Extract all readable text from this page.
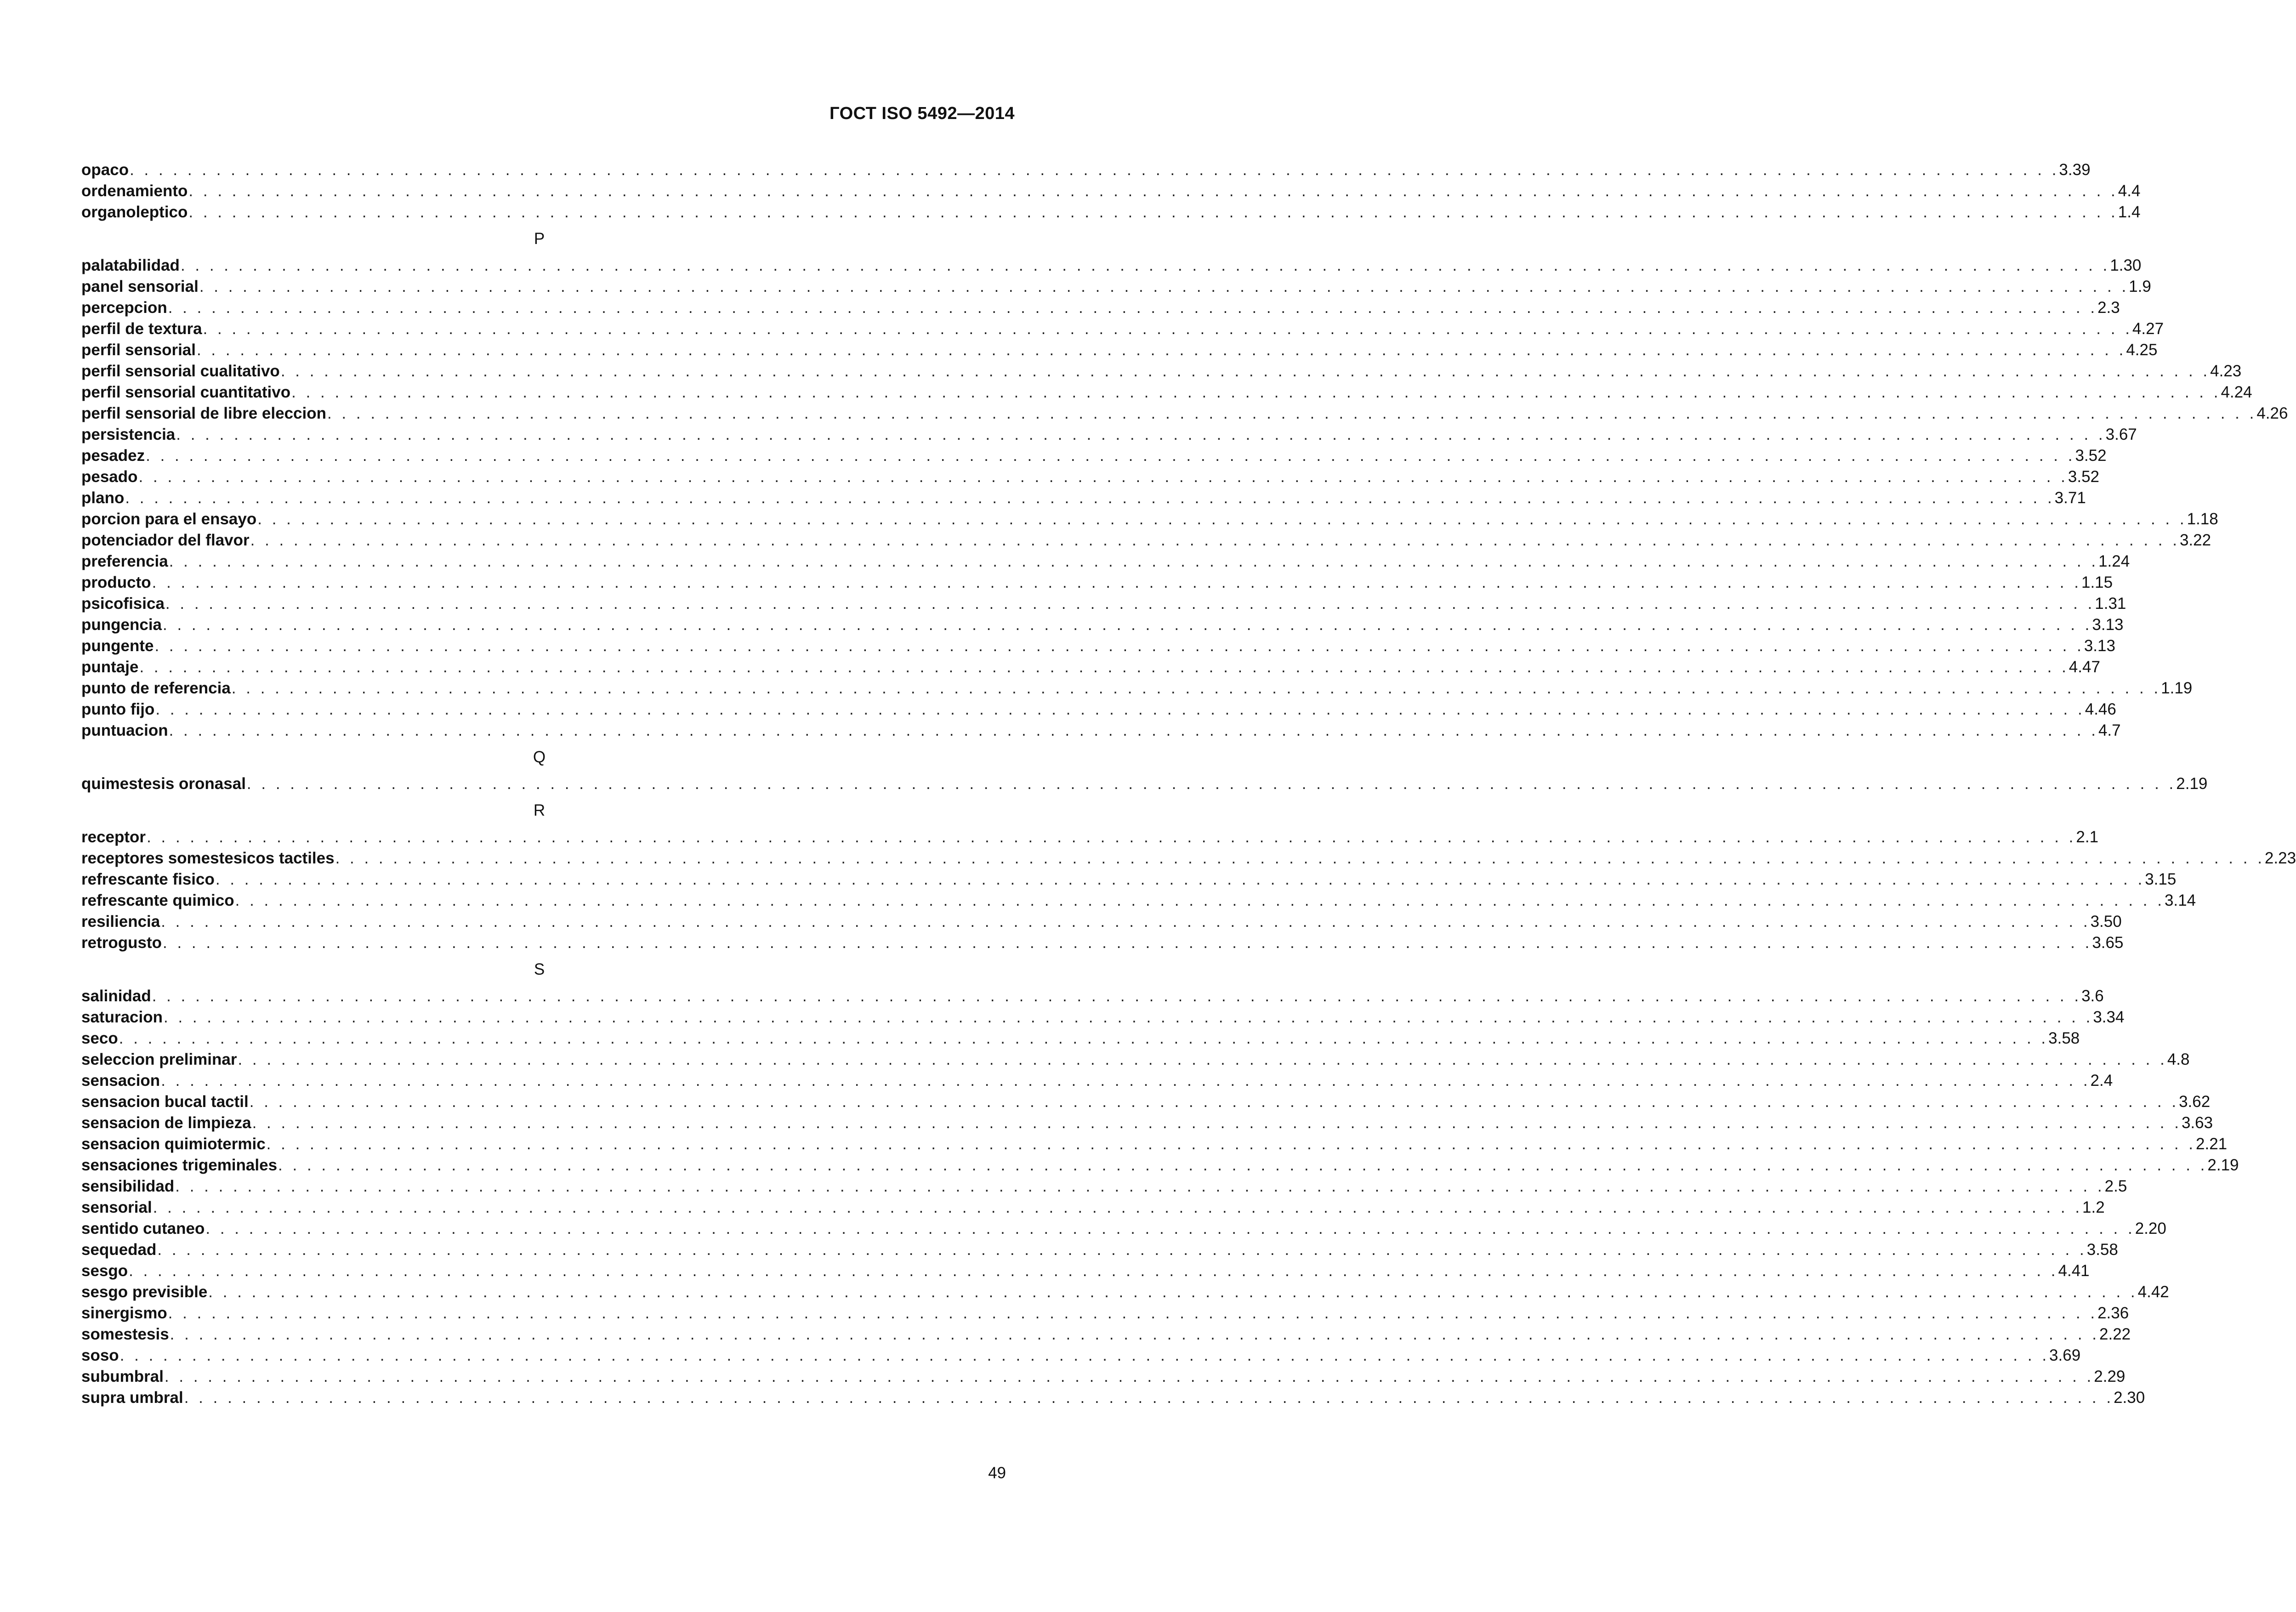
ГОСТ ISO 5492—2014
opaco . . . . . . . . . . . . . . . . . . . . . . . . . . . . . . . . . . . . . . . . . . . . . . . . . . . . . . . . . . . . . . . . . . . . . . . . . . . . . . . . . . . . . . . . . . . . . . . . . . . . . . . . . . . . . . . . . . . . . . . . . . . . . . . . . . . . . . 3.39
ordenamiento . . . . . . . . . . . . . . . . . . . . . . . . . . . . . . . . . . . . . . . . . . . . . . . . . . . . . . . . . . . . . . . . . . . . . . . . . . . . . . . . . . . . . . . . . . . . . . . . . . . . . . . . . . . . . . . . . . . . . . . . . . . . . . . . . . . . . . 4.4
organoleptico . . . . . . . . . . . . . . . . . . . . . . . . . . . . . . . . . . . . . . . . . . . . . . . . . . . . . . . . . . . . . . . . . . . . . . . . . . . . . . . . . . . . . . . . . . . . . . . . . . . . . . . . . . . . . . . . . . . . . . . . . . . . . . . . . . . . . . 1.4
P
palatabilidad . . . . . . . . . . . . . . . . . . . . . . . . . . . . . . . . . . . . . . . . . . . . . . . . . . . . . . . . . . . . . . . . . . . . . . . . . . . . . . . . . . . . . . . . . . . . . . . . . . . . . . . . . . . . . . . . . . . . . . . . . . . . . . . . . . . . . . 1.30
panel sensorial . . . . . . . . . . . . . . . . . . . . . . . . . . . . . . . . . . . . . . . . . . . . . . . . . . . . . . . . . . . . . . . . . . . . . . . . . . . . . . . . . . . . . . . . . . . . . . . . . . . . . . . . . . . . . . . . . . . . . . . . . . . . . . . . . . . . . . 1.9
percepcion . . . . . . . . . . . . . . . . . . . . . . . . . . . . . . . . . . . . . . . . . . . . . . . . . . . . . . . . . . . . . . . . . . . . . . . . . . . . . . . . . . . . . . . . . . . . . . . . . . . . . . . . . . . . . . . . . . . . . . . . . . . . . . . . . . . . . . 2.3
perfil de textura . . . . . . . . . . . . . . . . . . . . . . . . . . . . . . . . . . . . . . . . . . . . . . . . . . . . . . . . . . . . . . . . . . . . . . . . . . . . . . . . . . . . . . . . . . . . . . . . . . . . . . . . . . . . . . . . . . . . . . . . . . . . . . . . . . . . . . 4.27
perfil sensorial . . . . . . . . . . . . . . . . . . . . . . . . . . . . . . . . . . . . . . . . . . . . . . . . . . . . . . . . . . . . . . . . . . . . . . . . . . . . . . . . . . . . . . . . . . . . . . . . . . . . . . . . . . . . . . . . . . . . . . . . . . . . . . . . . . . . . . 4.25
perfil sensorial cualitativo . . . . . . . . . . . . . . . . . . . . . . . . . . . . . . . . . . . . . . . . . . . . . . . . . . . . . . . . . . . . . . . . . . . . . . . . . . . . . . . . . . . . . . . . . . . . . . . . . . . . . . . . . . . . . . . . . . . . . . . . . . . . . . . . . . . . . . 4.23
perfil sensorial cuantitativo . . . . . . . . . . . . . . . . . . . . . . . . . . . . . . . . . . . . . . . . . . . . . . . . . . . . . . . . . . . . . . . . . . . . . . . . . . . . . . . . . . . . . . . . . . . . . . . . . . . . . . . . . . . . . . . . . . . . . . . . . . . . . . . . . . . . . . 4.24
perfil sensorial de libre eleccion . . . . . . . . . . . . . . . . . . . . . . . . . . . . . . . . . . . . . . . . . . . . . . . . . . . . . . . . . . . . . . . . . . . . . . . . . . . . . . . . . . . . . . . . . . . . . . . . . . . . . . . . . . . . . . . . . . . . . . . . . . . . . . . . . . . . . . 4.26
persistencia . . . . . . . . . . . . . . . . . . . . . . . . . . . . . . . . . . . . . . . . . . . . . . . . . . . . . . . . . . . . . . . . . . . . . . . . . . . . . . . . . . . . . . . . . . . . . . . . . . . . . . . . . . . . . . . . . . . . . . . . . . . . . . . . . . . . . . 3.67
pesadez . . . . . . . . . . . . . . . . . . . . . . . . . . . . . . . . . . . . . . . . . . . . . . . . . . . . . . . . . . . . . . . . . . . . . . . . . . . . . . . . . . . . . . . . . . . . . . . . . . . . . . . . . . . . . . . . . . . . . . . . . . . . . . . . . . . . . . 3.52
pesado . . . . . . . . . . . . . . . . . . . . . . . . . . . . . . . . . . . . . . . . . . . . . . . . . . . . . . . . . . . . . . . . . . . . . . . . . . . . . . . . . . . . . . . . . . . . . . . . . . . . . . . . . . . . . . . . . . . . . . . . . . . . . . . . . . . . . . 3.52
plano . . . . . . . . . . . . . . . . . . . . . . . . . . . . . . . . . . . . . . . . . . . . . . . . . . . . . . . . . . . . . . . . . . . . . . . . . . . . . . . . . . . . . . . . . . . . . . . . . . . . . . . . . . . . . . . . . . . . . . . . . . . . . . . . . . . . . . 3.71
porcion para el ensayo . . . . . . . . . . . . . . . . . . . . . . . . . . . . . . . . . . . . . . . . . . . . . . . . . . . . . . . . . . . . . . . . . . . . . . . . . . . . . . . . . . . . . . . . . . . . . . . . . . . . . . . . . . . . . . . . . . . . . . . . . . . . . . . . . . . . . . 1.18
potenciador del flavor . . . . . . . . . . . . . . . . . . . . . . . . . . . . . . . . . . . . . . . . . . . . . . . . . . . . . . . . . . . . . . . . . . . . . . . . . . . . . . . . . . . . . . . . . . . . . . . . . . . . . . . . . . . . . . . . . . . . . . . . . . . . . . . . . . . . . . 3.22
preferencia . . . . . . . . . . . . . . . . . . . . . . . . . . . . . . . . . . . . . . . . . . . . . . . . . . . . . . . . . . . . . . . . . . . . . . . . . . . . . . . . . . . . . . . . . . . . . . . . . . . . . . . . . . . . . . . . . . . . . . . . . . . . . . . . . . . . . . 1.24
producto . . . . . . . . . . . . . . . . . . . . . . . . . . . . . . . . . . . . . . . . . . . . . . . . . . . . . . . . . . . . . . . . . . . . . . . . . . . . . . . . . . . . . . . . . . . . . . . . . . . . . . . . . . . . . . . . . . . . . . . . . . . . . . . . . . . . . . 1.15
psicofisica . . . . . . . . . . . . . . . . . . . . . . . . . . . . . . . . . . . . . . . . . . . . . . . . . . . . . . . . . . . . . . . . . . . . . . . . . . . . . . . . . . . . . . . . . . . . . . . . . . . . . . . . . . . . . . . . . . . . . . . . . . . . . . . . . . . . . . 1.31
pungencia . . . . . . . . . . . . . . . . . . . . . . . . . . . . . . . . . . . . . . . . . . . . . . . . . . . . . . . . . . . . . . . . . . . . . . . . . . . . . . . . . . . . . . . . . . . . . . . . . . . . . . . . . . . . . . . . . . . . . . . . . . . . . . . . . . . . . . 3.13
pungente . . . . . . . . . . . . . . . . . . . . . . . . . . . . . . . . . . . . . . . . . . . . . . . . . . . . . . . . . . . . . . . . . . . . . . . . . . . . . . . . . . . . . . . . . . . . . . . . . . . . . . . . . . . . . . . . . . . . . . . . . . . . . . . . . . . . . . 3.13
puntaje . . . . . . . . . . . . . . . . . . . . . . . . . . . . . . . . . . . . . . . . . . . . . . . . . . . . . . . . . . . . . . . . . . . . . . . . . . . . . . . . . . . . . . . . . . . . . . . . . . . . . . . . . . . . . . . . . . . . . . . . . . . . . . . . . . . . . . 4.47
punto de referencia . . . . . . . . . . . . . . . . . . . . . . . . . . . . . . . . . . . . . . . . . . . . . . . . . . . . . . . . . . . . . . . . . . . . . . . . . . . . . . . . . . . . . . . . . . . . . . . . . . . . . . . . . . . . . . . . . . . . . . . . . . . . . . . . . . . . . . 1.19
punto fijo . . . . . . . . . . . . . . . . . . . . . . . . . . . . . . . . . . . . . . . . . . . . . . . . . . . . . . . . . . . . . . . . . . . . . . . . . . . . . . . . . . . . . . . . . . . . . . . . . . . . . . . . . . . . . . . . . . . . . . . . . . . . . . . . . . . . . . 4.46
puntuacion . . . . . . . . . . . . . . . . . . . . . . . . . . . . . . . . . . . . . . . . . . . . . . . . . . . . . . . . . . . . . . . . . . . . . . . . . . . . . . . . . . . . . . . . . . . . . . . . . . . . . . . . . . . . . . . . . . . . . . . . . . . . . . . . . . . . . . 4.7
Q
quimestesis oronasal . . . . . . . . . . . . . . . . . . . . . . . . . . . . . . . . . . . . . . . . . . . . . . . . . . . . . . . . . . . . . . . . . . . . . . . . . . . . . . . . . . . . . . . . . . . . . . . . . . . . . . . . . . . . . . . . . . . . . . . . . . . . . . . . . . . . . . 2.19
R
receptor . . . . . . . . . . . . . . . . . . . . . . . . . . . . . . . . . . . . . . . . . . . . . . . . . . . . . . . . . . . . . . . . . . . . . . . . . . . . . . . . . . . . . . . . . . . . . . . . . . . . . . . . . . . . . . . . . . . . . . . . . . . . . . . . . . . . . . 2.1
receptores somestesicos tactiles . . . . . . . . . . . . . . . . . . . . . . . . . . . . . . . . . . . . . . . . . . . . . . . . . . . . . . . . . . . . . . . . . . . . . . . . . . . . . . . . . . . . . . . . . . . . . . . . . . . . . . . . . . . . . . . . . . . . . . . . . . . . . . . . . . . . . . 2.23
refrescante fisico . . . . . . . . . . . . . . . . . . . . . . . . . . . . . . . . . . . . . . . . . . . . . . . . . . . . . . . . . . . . . . . . . . . . . . . . . . . . . . . . . . . . . . . . . . . . . . . . . . . . . . . . . . . . . . . . . . . . . . . . . . . . . . . . . . . . . . 3.15
refrescante quimico . . . . . . . . . . . . . . . . . . . . . . . . . . . . . . . . . . . . . . . . . . . . . . . . . . . . . . . . . . . . . . . . . . . . . . . . . . . . . . . . . . . . . . . . . . . . . . . . . . . . . . . . . . . . . . . . . . . . . . . . . . . . . . . . . . . . . . 3.14
resiliencia . . . . . . . . . . . . . . . . . . . . . . . . . . . . . . . . . . . . . . . . . . . . . . . . . . . . . . . . . . . . . . . . . . . . . . . . . . . . . . . . . . . . . . . . . . . . . . . . . . . . . . . . . . . . . . . . . . . . . . . . . . . . . . . . . . . . . . 3.50
retrogusto . . . . . . . . . . . . . . . . . . . . . . . . . . . . . . . . . . . . . . . . . . . . . . . . . . . . . . . . . . . . . . . . . . . . . . . . . . . . . . . . . . . . . . . . . . . . . . . . . . . . . . . . . . . . . . . . . . . . . . . . . . . . . . . . . . . . . . 3.65
S
salinidad . . . . . . . . . . . . . . . . . . . . . . . . . . . . . . . . . . . . . . . . . . . . . . . . . . . . . . . . . . . . . . . . . . . . . . . . . . . . . . . . . . . . . . . . . . . . . . . . . . . . . . . . . . . . . . . . . . . . . . . . . . . . . . . . . . . . . . 3.6
saturacion . . . . . . . . . . . . . . . . . . . . . . . . . . . . . . . . . . . . . . . . . . . . . . . . . . . . . . . . . . . . . . . . . . . . . . . . . . . . . . . . . . . . . . . . . . . . . . . . . . . . . . . . . . . . . . . . . . . . . . . . . . . . . . . . . . . . . . 3.34
seco . . . . . . . . . . . . . . . . . . . . . . . . . . . . . . . . . . . . . . . . . . . . . . . . . . . . . . . . . . . . . . . . . . . . . . . . . . . . . . . . . . . . . . . . . . . . . . . . . . . . . . . . . . . . . . . . . . . . . . . . . . . . . . . . . . . . . . 3.58
seleccion preliminar . . . . . . . . . . . . . . . . . . . . . . . . . . . . . . . . . . . . . . . . . . . . . . . . . . . . . . . . . . . . . . . . . . . . . . . . . . . . . . . . . . . . . . . . . . . . . . . . . . . . . . . . . . . . . . . . . . . . . . . . . . . . . . . . . . . . . . 4.8
sensacion . . . . . . . . . . . . . . . . . . . . . . . . . . . . . . . . . . . . . . . . . . . . . . . . . . . . . . . . . . . . . . . . . . . . . . . . . . . . . . . . . . . . . . . . . . . . . . . . . . . . . . . . . . . . . . . . . . . . . . . . . . . . . . . . . . . . . . 2.4
sensacion bucal tactil . . . . . . . . . . . . . . . . . . . . . . . . . . . . . . . . . . . . . . . . . . . . . . . . . . . . . . . . . . . . . . . . . . . . . . . . . . . . . . . . . . . . . . . . . . . . . . . . . . . . . . . . . . . . . . . . . . . . . . . . . . . . . . . . . . . . . . 3.62
sensacion de limpieza . . . . . . . . . . . . . . . . . . . . . . . . . . . . . . . . . . . . . . . . . . . . . . . . . . . . . . . . . . . . . . . . . . . . . . . . . . . . . . . . . . . . . . . . . . . . . . . . . . . . . . . . . . . . . . . . . . . . . . . . . . . . . . . . . . . . . . 3.63
sensacion quimiotermic . . . . . . . . . . . . . . . . . . . . . . . . . . . . . . . . . . . . . . . . . . . . . . . . . . . . . . . . . . . . . . . . . . . . . . . . . . . . . . . . . . . . . . . . . . . . . . . . . . . . . . . . . . . . . . . . . . . . . . . . . . . . . . . . . . . . . . 2.21
sensaciones trigeminales . . . . . . . . . . . . . . . . . . . . . . . . . . . . . . . . . . . . . . . . . . . . . . . . . . . . . . . . . . . . . . . . . . . . . . . . . . . . . . . . . . . . . . . . . . . . . . . . . . . . . . . . . . . . . . . . . . . . . . . . . . . . . . . . . . . . . . 2.19
sensibilidad . . . . . . . . . . . . . . . . . . . . . . . . . . . . . . . . . . . . . . . . . . . . . . . . . . . . . . . . . . . . . . . . . . . . . . . . . . . . . . . . . . . . . . . . . . . . . . . . . . . . . . . . . . . . . . . . . . . . . . . . . . . . . . . . . . . . . . 2.5
sensorial . . . . . . . . . . . . . . . . . . . . . . . . . . . . . . . . . . . . . . . . . . . . . . . . . . . . . . . . . . . . . . . . . . . . . . . . . . . . . . . . . . . . . . . . . . . . . . . . . . . . . . . . . . . . . . . . . . . . . . . . . . . . . . . . . . . . . . 1.2
sentido cutaneo . . . . . . . . . . . . . . . . . . . . . . . . . . . . . . . . . . . . . . . . . . . . . . . . . . . . . . . . . . . . . . . . . . . . . . . . . . . . . . . . . . . . . . . . . . . . . . . . . . . . . . . . . . . . . . . . . . . . . . . . . . . . . . . . . . . . . . 2.20
sequedad . . . . . . . . . . . . . . . . . . . . . . . . . . . . . . . . . . . . . . . . . . . . . . . . . . . . . . . . . . . . . . . . . . . . . . . . . . . . . . . . . . . . . . . . . . . . . . . . . . . . . . . . . . . . . . . . . . . . . . . . . . . . . . . . . . . . . . 3.58
sesgo . . . . . . . . . . . . . . . . . . . . . . . . . . . . . . . . . . . . . . . . . . . . . . . . . . . . . . . . . . . . . . . . . . . . . . . . . . . . . . . . . . . . . . . . . . . . . . . . . . . . . . . . . . . . . . . . . . . . . . . . . . . . . . . . . . . . . . 4.41
sesgo previsible . . . . . . . . . . . . . . . . . . . . . . . . . . . . . . . . . . . . . . . . . . . . . . . . . . . . . . . . . . . . . . . . . . . . . . . . . . . . . . . . . . . . . . . . . . . . . . . . . . . . . . . . . . . . . . . . . . . . . . . . . . . . . . . . . . . . . . 4.42
sinergismo . . . . . . . . . . . . . . . . . . . . . . . . . . . . . . . . . . . . . . . . . . . . . . . . . . . . . . . . . . . . . . . . . . . . . . . . . . . . . . . . . . . . . . . . . . . . . . . . . . . . . . . . . . . . . . . . . . . . . . . . . . . . . . . . . . . . . . 2.36
somestesis . . . . . . . . . . . . . . . . . . . . . . . . . . . . . . . . . . . . . . . . . . . . . . . . . . . . . . . . . . . . . . . . . . . . . . . . . . . . . . . . . . . . . . . . . . . . . . . . . . . . . . . . . . . . . . . . . . . . . . . . . . . . . . . . . . . . . . 2.22
soso . . . . . . . . . . . . . . . . . . . . . . . . . . . . . . . . . . . . . . . . . . . . . . . . . . . . . . . . . . . . . . . . . . . . . . . . . . . . . . . . . . . . . . . . . . . . . . . . . . . . . . . . . . . . . . . . . . . . . . . . . . . . . . . . . . . . . . 3.69
subumbral . . . . . . . . . . . . . . . . . . . . . . . . . . . . . . . . . . . . . . . . . . . . . . . . . . . . . . . . . . . . . . . . . . . . . . . . . . . . . . . . . . . . . . . . . . . . . . . . . . . . . . . . . . . . . . . . . . . . . . . . . . . . . . . . . . . . . . 2.29
supra umbral . . . . . . . . . . . . . . . . . . . . . . . . . . . . . . . . . . . . . . . . . . . . . . . . . . . . . . . . . . . . . . . . . . . . . . . . . . . . . . . . . . . . . . . . . . . . . . . . . . . . . . . . . . . . . . . . . . . . . . . . . . . . . . . . . . . . . . 2.30
49
